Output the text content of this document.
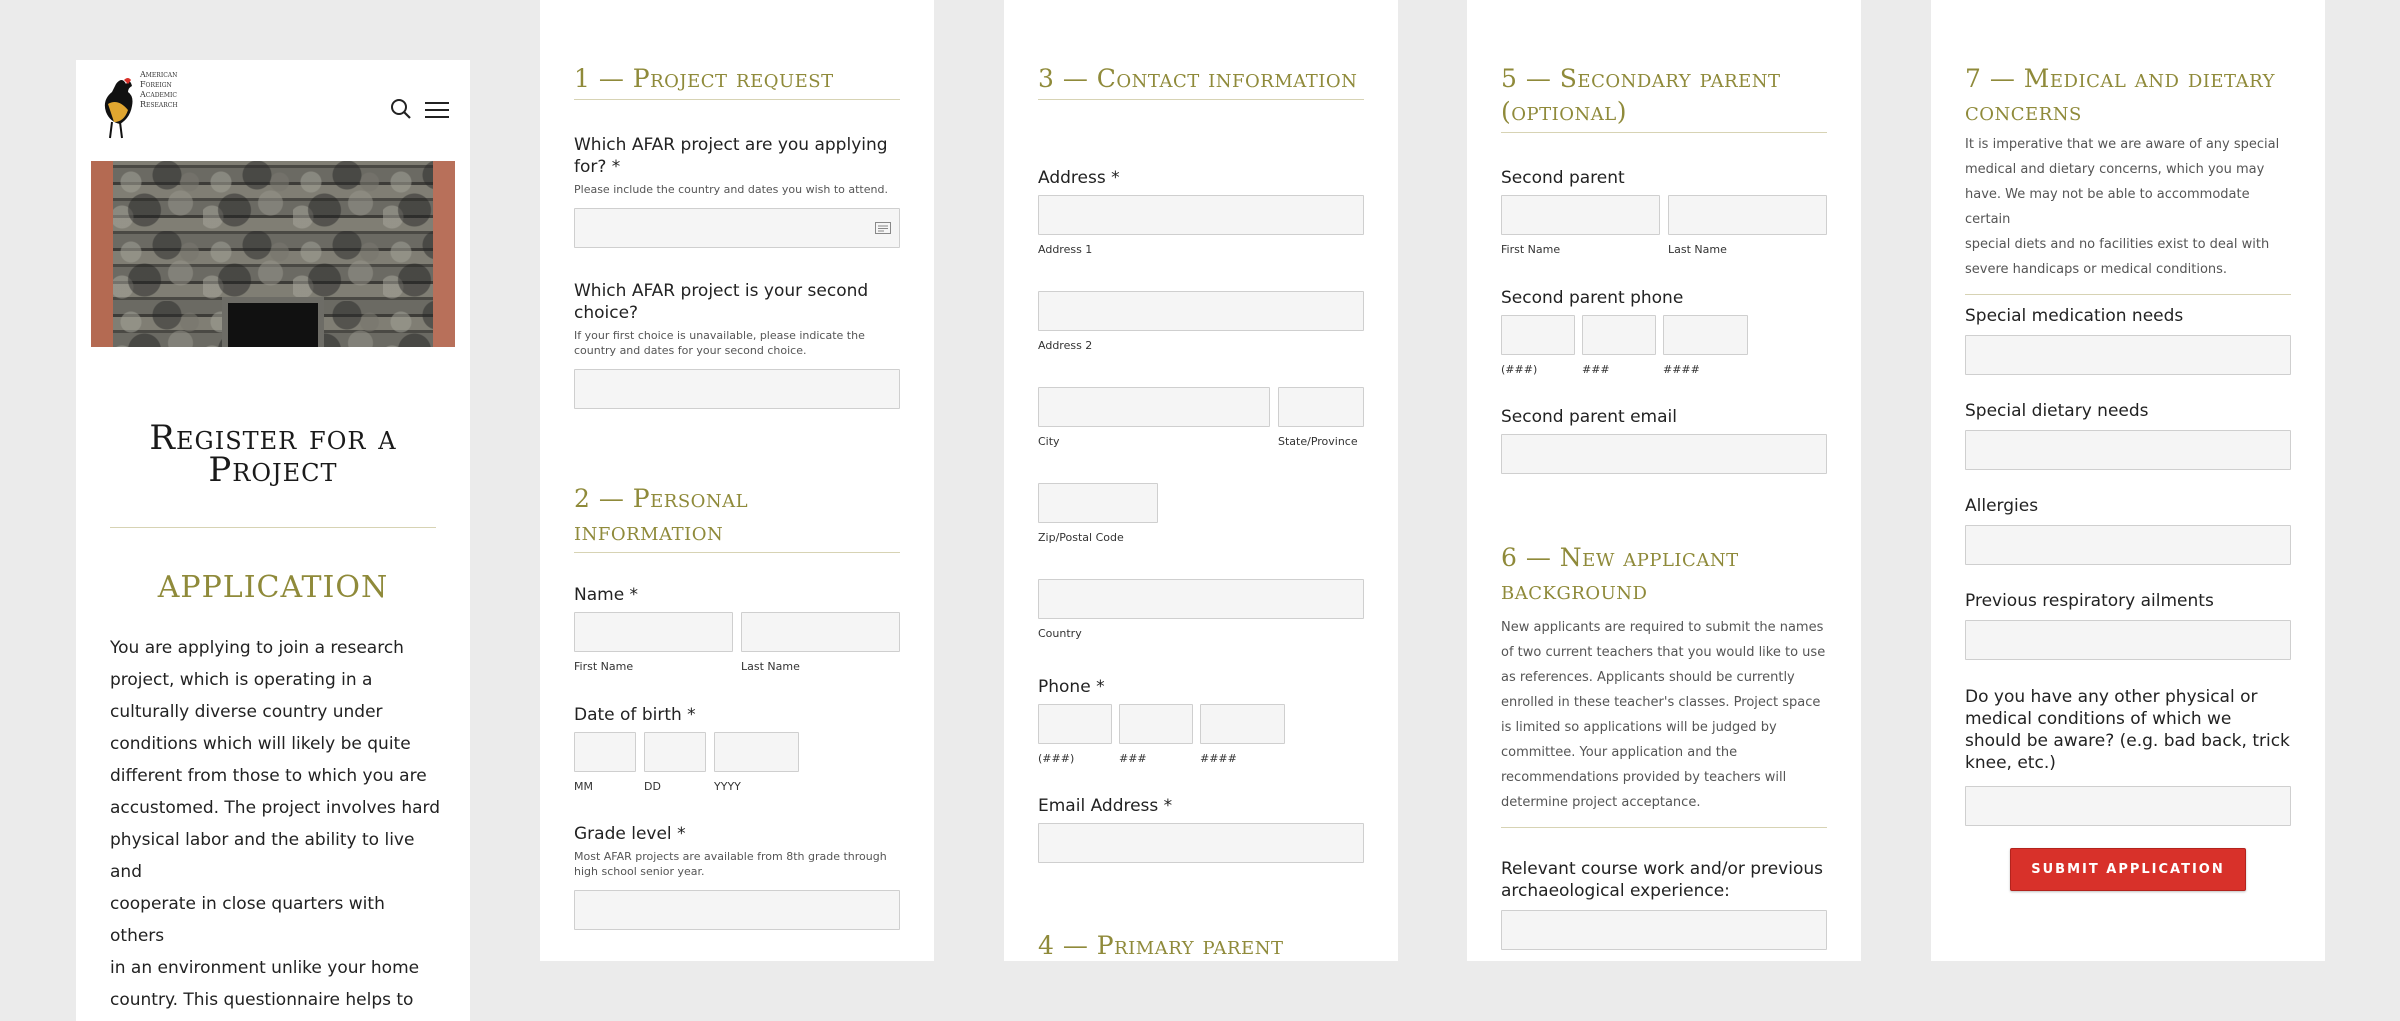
American
Foreign
Academic
Research
Register for a Project
APPLICATION
You are applying to join a research
project, which is operating in a
culturally diverse country under
conditions which will likely be quite
different from those to which you are
accustomed. The project involves hard
physical labor and the ability to live and
cooperate in close quarters with others
in an environment unlike your home
country. This questionnaire helps to
1 — Project request
Which AFAR project are you applying for? *
Please include the country and dates you wish to attend.
Which AFAR project is your second choice?
If your first choice is unavailable, please indicate the country and dates for your second choice.
2 — Personal information
Name *
First Name	Last Name
Date of birth *
MM	DD	YYYY
Grade level *
Most AFAR projects are available from 8th grade through high school senior year.
3 — Contact information
Address *
Address 1
Address 2
City	State/Province
Zip/Postal Code
Country
Phone *
(###)	###	####
Email Address *
4 — Primary parent
5 — Secondary parent (optional)
Second parent
First Name	Last Name
Second parent phone
(###)	###	####
Second parent email
6 — New applicant background
New applicants are required to submit the names
of two current teachers that you would like to use
as references. Applicants should be currently
enrolled in these teacher's classes. Project space
is limited so applications will be judged by
committee. Your application and the
recommendations provided by teachers will
determine project acceptance.
Relevant course work and/or previous archaeological experience:
7 — Medical and dietary concerns
It is imperative that we are aware of any special
medical and dietary concerns, which you may
have. We may not be able to accommodate certain
special diets and no facilities exist to deal with
severe handicaps or medical conditions.
Special medication needs
Special dietary needs
Allergies
Previous respiratory ailments
Do you have any other physical or medical conditions of which we should be aware? (e.g. bad back, trick knee, etc.)
SUBMIT APPLICATION
